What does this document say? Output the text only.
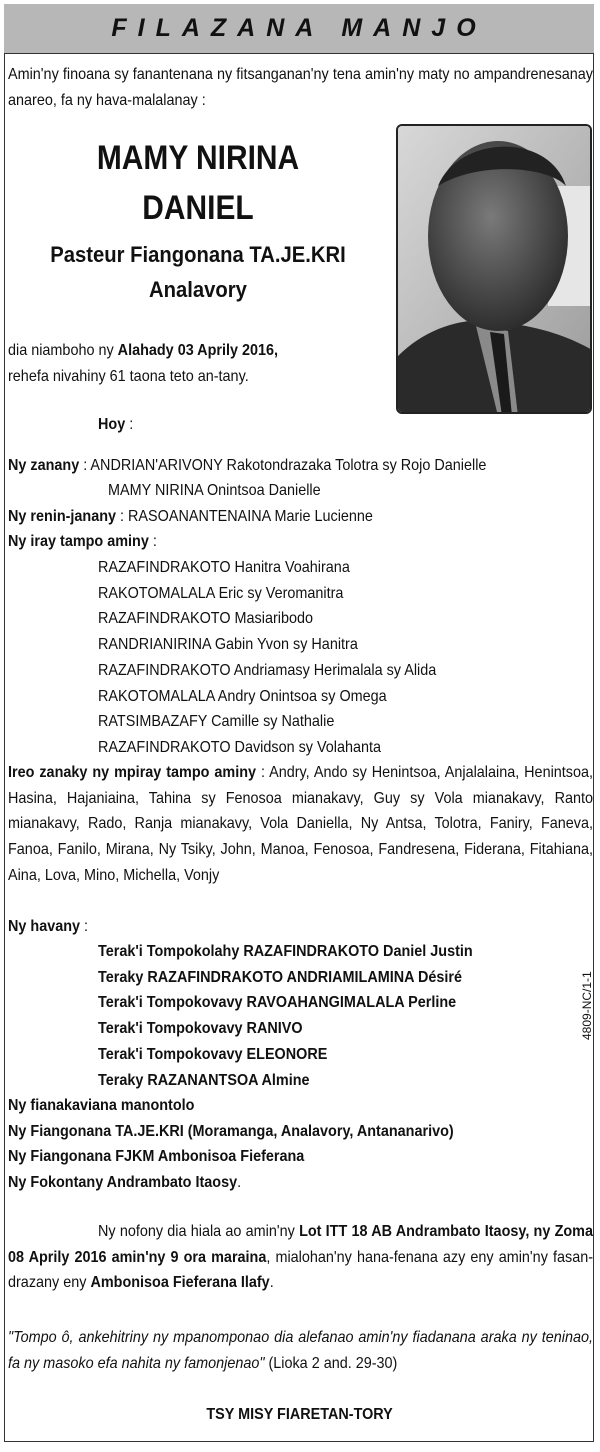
FILAZANA MANJO
Amin'ny finoana sy fanantenana ny fitsanganan'ny tena amin'ny maty no ampandrenesanay anareo, fa ny hava-malalanay :
MAMY NIRINA
DANIEL
Pasteur Fiangonana TA.JE.KRI
Analavory
dia niamboho ny Alahady 03 Aprily 2016,
rehefa nivahiny 61 taona teto an-tany.
Hoy :
Ny zanany : ANDRIAN'ARIVONY Rakotondrazaka Tolotra sy Rojo Danielle
MAMY NIRINA Onintsoa Danielle
Ny renin-janany : RASOANANTENAINA Marie Lucienne
Ny iray tampo aminy :
RAZAFINDRAKOTO Hanitra Voahirana
RAKOTOMALALA Eric sy Veromanitra
RAZAFINDRAKOTO Masiaribodo
RANDRIANIRINA Gabin Yvon sy Hanitra
RAZAFINDRAKOTO Andriamasy Herimalala sy Alida
RAKOTOMALALA Andry Onintsoa sy Omega
RATSIMBAZAFY Camille sy Nathalie
RAZAFINDRAKOTO Davidson sy Volahanta
Ireo zanaky ny mpiray tampo aminy : Andry, Ando sy Henintsoa, Anjalalaina, Henintsoa, Hasina, Hajaniaina, Tahina sy Fenosoa mianakavy, Guy sy Vola mianakavy, Ranto mianakavy, Rado, Ranja mianakavy, Vola Daniella, Ny Antsa, Tolotra, Faniry, Faneva, Fanoa, Fanilo, Mirana, Ny Tsiky, John, Manoa, Fenosoa, Fandresena, Fiderana, Fitahiana, Aina, Lova, Mino, Michella, Vonjy
Ny havany :
Terak'i Tompokolahy RAZAFINDRAKOTO Daniel Justin
Teraky RAZAFINDRAKOTO ANDRIAMILAMINA Désiré
Terak'i Tompokovavy RAVOAHANGIMALALA Perline
Terak'i Tompokovavy RANIVO
Terak'i Tompokovavy ELEONORE
Teraky RAZANANTSOA Almine
Ny fianakaviana manontolo
Ny Fiangonana TA.JE.KRI (Moramanga, Analavory, Antananarivo)
Ny Fiangonana FJKM Ambonisoa Fieferana
Ny Fokontany Andrambato Itaosy.
Ny nofony dia hiala ao amin'ny Lot ITT 18 AB Andrambato Itaosy, ny Zoma 08 Aprily 2016 amin'ny 9 ora maraina, mialohan'ny hana-fenana azy eny amin'ny fasan-drazany eny Ambonisoa Fieferana Ilafy.
"Tompo ô, ankehitriny ny mpanomponao dia alefanao amin'ny fiadanana araka ny teninao, fa ny masoko efa nahita ny famonjenao" (Lioka 2 and. 29-30)
TSY MISY FIARETAN-TORY
4809-NC/1-1
